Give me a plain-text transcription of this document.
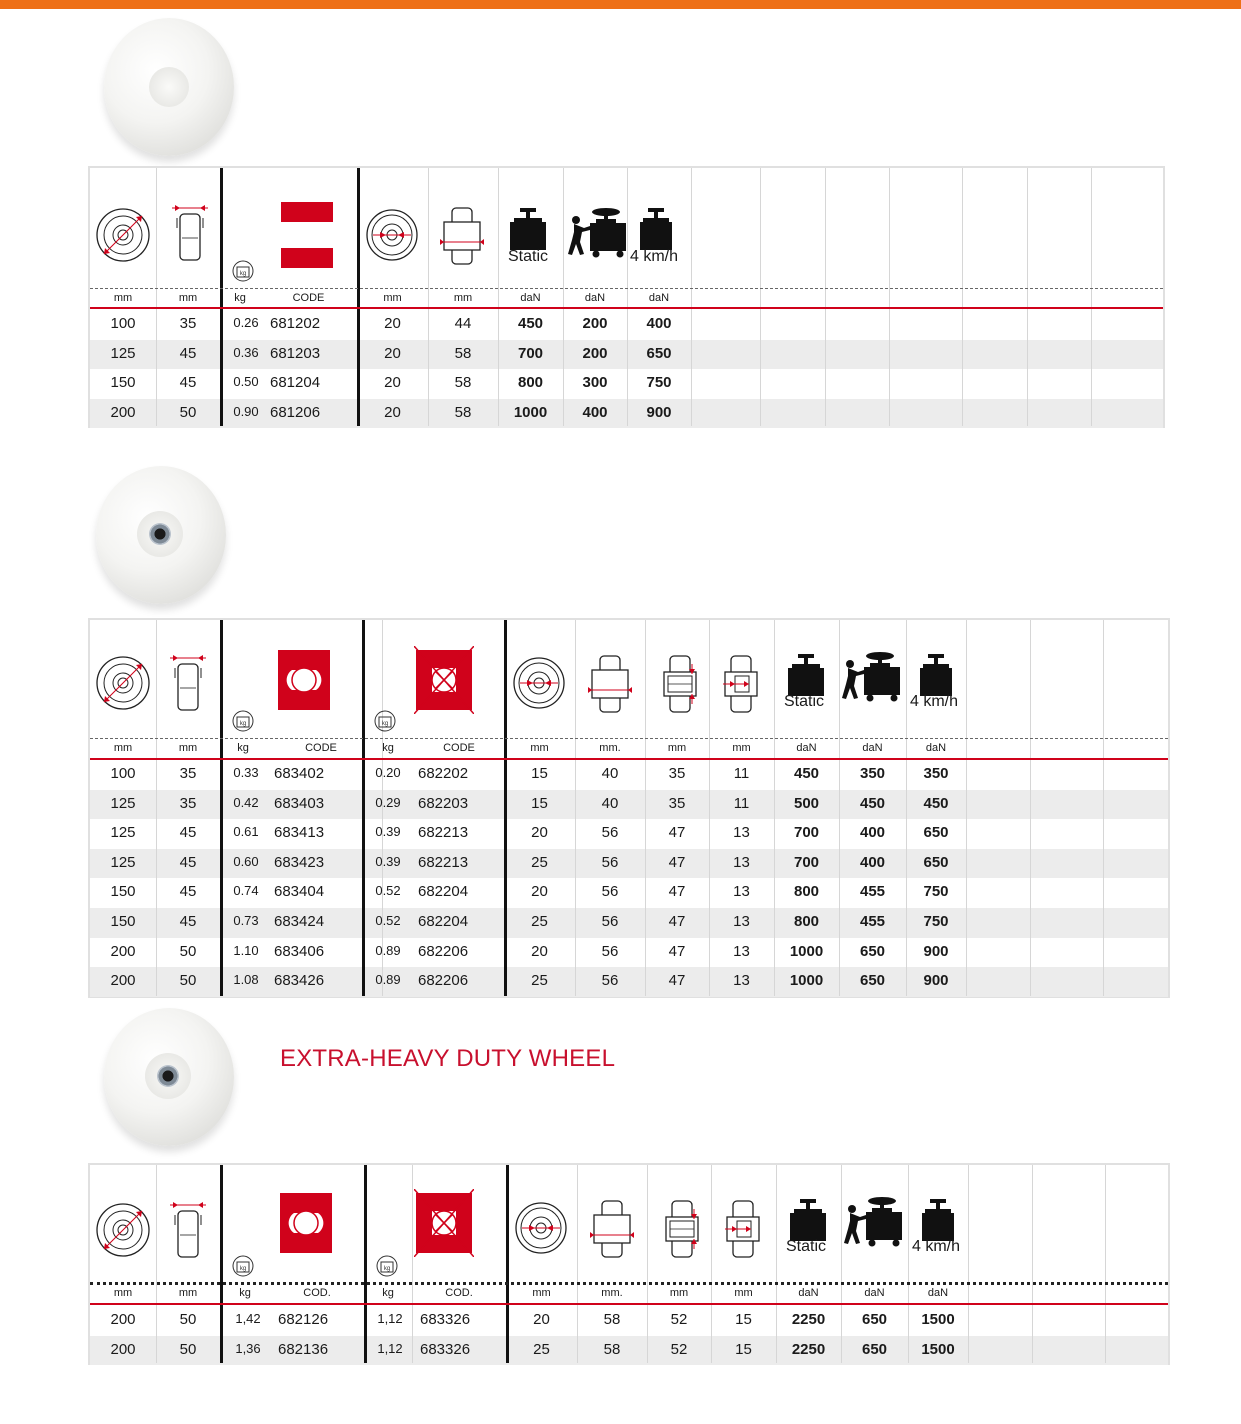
EXTRA-HEAVY DUTY WHEEL
kg
Static	4 km/h
mm	mm	kg	CODE	mm	mm	daN	daN	daN
100	35	0.26 681202	20	44	450	200	400
125	45	0.36 681203	20	58	700	200	650
150	45	0.50 681204	20	58	800	300	750
200	50	0.90 681206	20	58	1000	400	900
kg	kg
Static	4 km/h
mm	mm	kg	CODE	kg	CODE	mm	mm.	mm	mm	daN	daN	daN
100	35	0.33	683402	0.20	682202	15	40	35	11	450	350	350
125	35	0.42	683403	0.29	682203	15	40	35	11	500	450	450
125	45	0.61	683413	0.39	682213	20	56	47	13	700	400	650
125	45	0.60	683423	0.39	682213	25	56	47	13	700	400	650
150	45	0.74	683404	0.52	682204	20	56	47	13	800	455	750
150	45	0.73	683424	0.52	682204	25	56	47	13	800	455	750
200	50	1.10	683406	0.89	682206	20	56	47	13	1000	650	900
200	50	1.08	683426	0.89	682206	25	56	47	13	1000	650	900
kg	kg
Static	4 km/h
mm	mm	kg	COD.	kg	COD.	mm	mm.	mm	mm	daN	daN	daN
200	50	1,42	682126	1,12	683326	20	58	52	15	2250	650	1500
200	50	1,36	682136	1,12	683326	25	58	52	15	2250	650	1500
